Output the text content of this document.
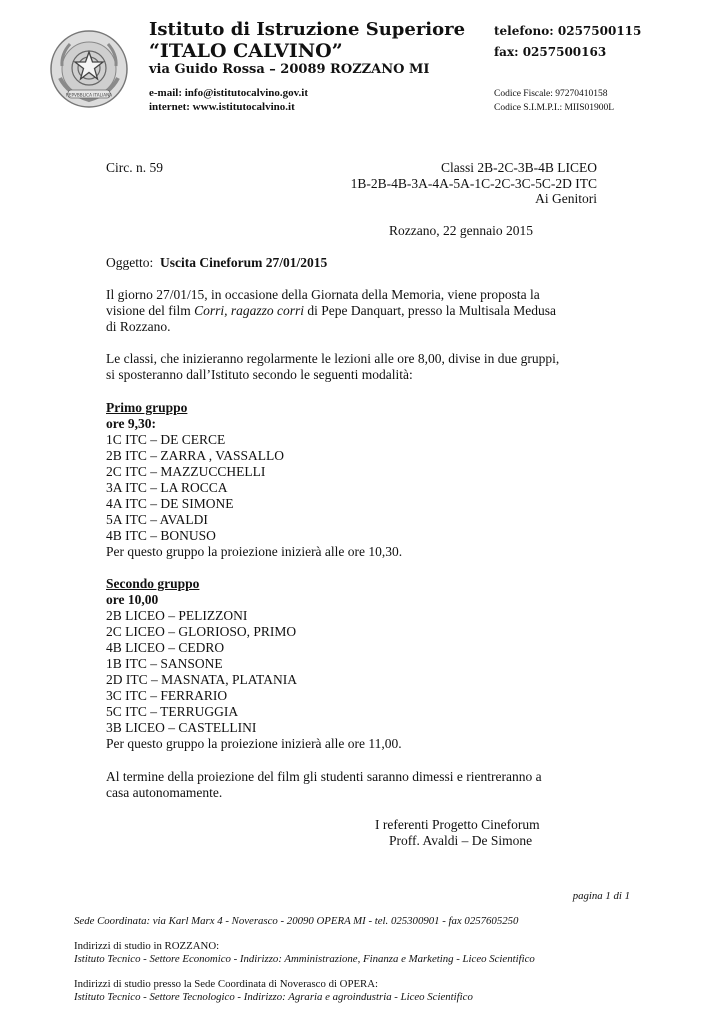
REPVBBLICA ITALIANA
Istituto di Istruzione Superiore
“ITALO CALVINO”
via Guido Rossa – 20089 ROZZANO MI
telefono: 0257500115
fax: 0257500163
e-mail: info@istitutocalvino.gov.it
internet: www.istitutocalvino.it
Codice Fiscale: 97270410158
Codice S.I.M.P.I.: MIIS01900L
Circ. n. 59	Classi 2B-2C-3B-4B LICEO
1B-2B-4B-3A-4A-5A-1C-2C-3C-5C-2D ITC
Ai Genitori
Rozzano, 22 gennaio 2015
Oggetto: Uscita Cineforum 27/01/2015
Il giorno 27/01/15, in occasione della Giornata della Memoria, viene proposta la
visione del film Corri, ragazzo corri di Pepe Danquart, presso la Multisala Medusa
di Rozzano.
Le classi, che inizieranno regolarmente le lezioni alle ore 8,00, divise in due gruppi,
si sposteranno dall’Istituto secondo le seguenti modalità:
Primo gruppo
ore 9,30:
1C ITC – DE CERCE
2B ITC – ZARRA , VASSALLO
2C ITC – MAZZUCCHELLI
3A ITC – LA ROCCA
4A ITC – DE SIMONE
5A ITC – AVALDI
4B ITC – BONUSO
Per questo gruppo la proiezione inizierà alle ore 10,30.
Secondo gruppo
ore 10,00
2B LICEO – PELIZZONI
2C LICEO – GLORIOSO, PRIMO
4B LICEO – CEDRO
1B ITC – SANSONE
2D ITC – MASNATA, PLATANIA
3C ITC – FERRARIO
5C ITC – TERRUGGIA
3B LICEO – CASTELLINI
Per questo gruppo la proiezione inizierà alle ore 11,00.
Al termine della proiezione del film gli studenti saranno dimessi e rientreranno a
casa autonomamente.
I referenti Progetto Cineforum
Proff. Avaldi – De Simone
pagina 1 di 1
Sede Coordinata: via Karl Marx 4 - Noverasco - 20090 OPERA MI - tel. 025300901 - fax 0257605250
Indirizzi di studio in ROZZANO:
Istituto Tecnico - Settore Economico - Indirizzo: Amministrazione, Finanza e Marketing - Liceo Scientifico
Indirizzi di studio presso la Sede Coordinata di Noverasco di OPERA:
Istituto Tecnico - Settore Tecnologico - Indirizzo: Agraria e agroindustria - Liceo Scientifico
